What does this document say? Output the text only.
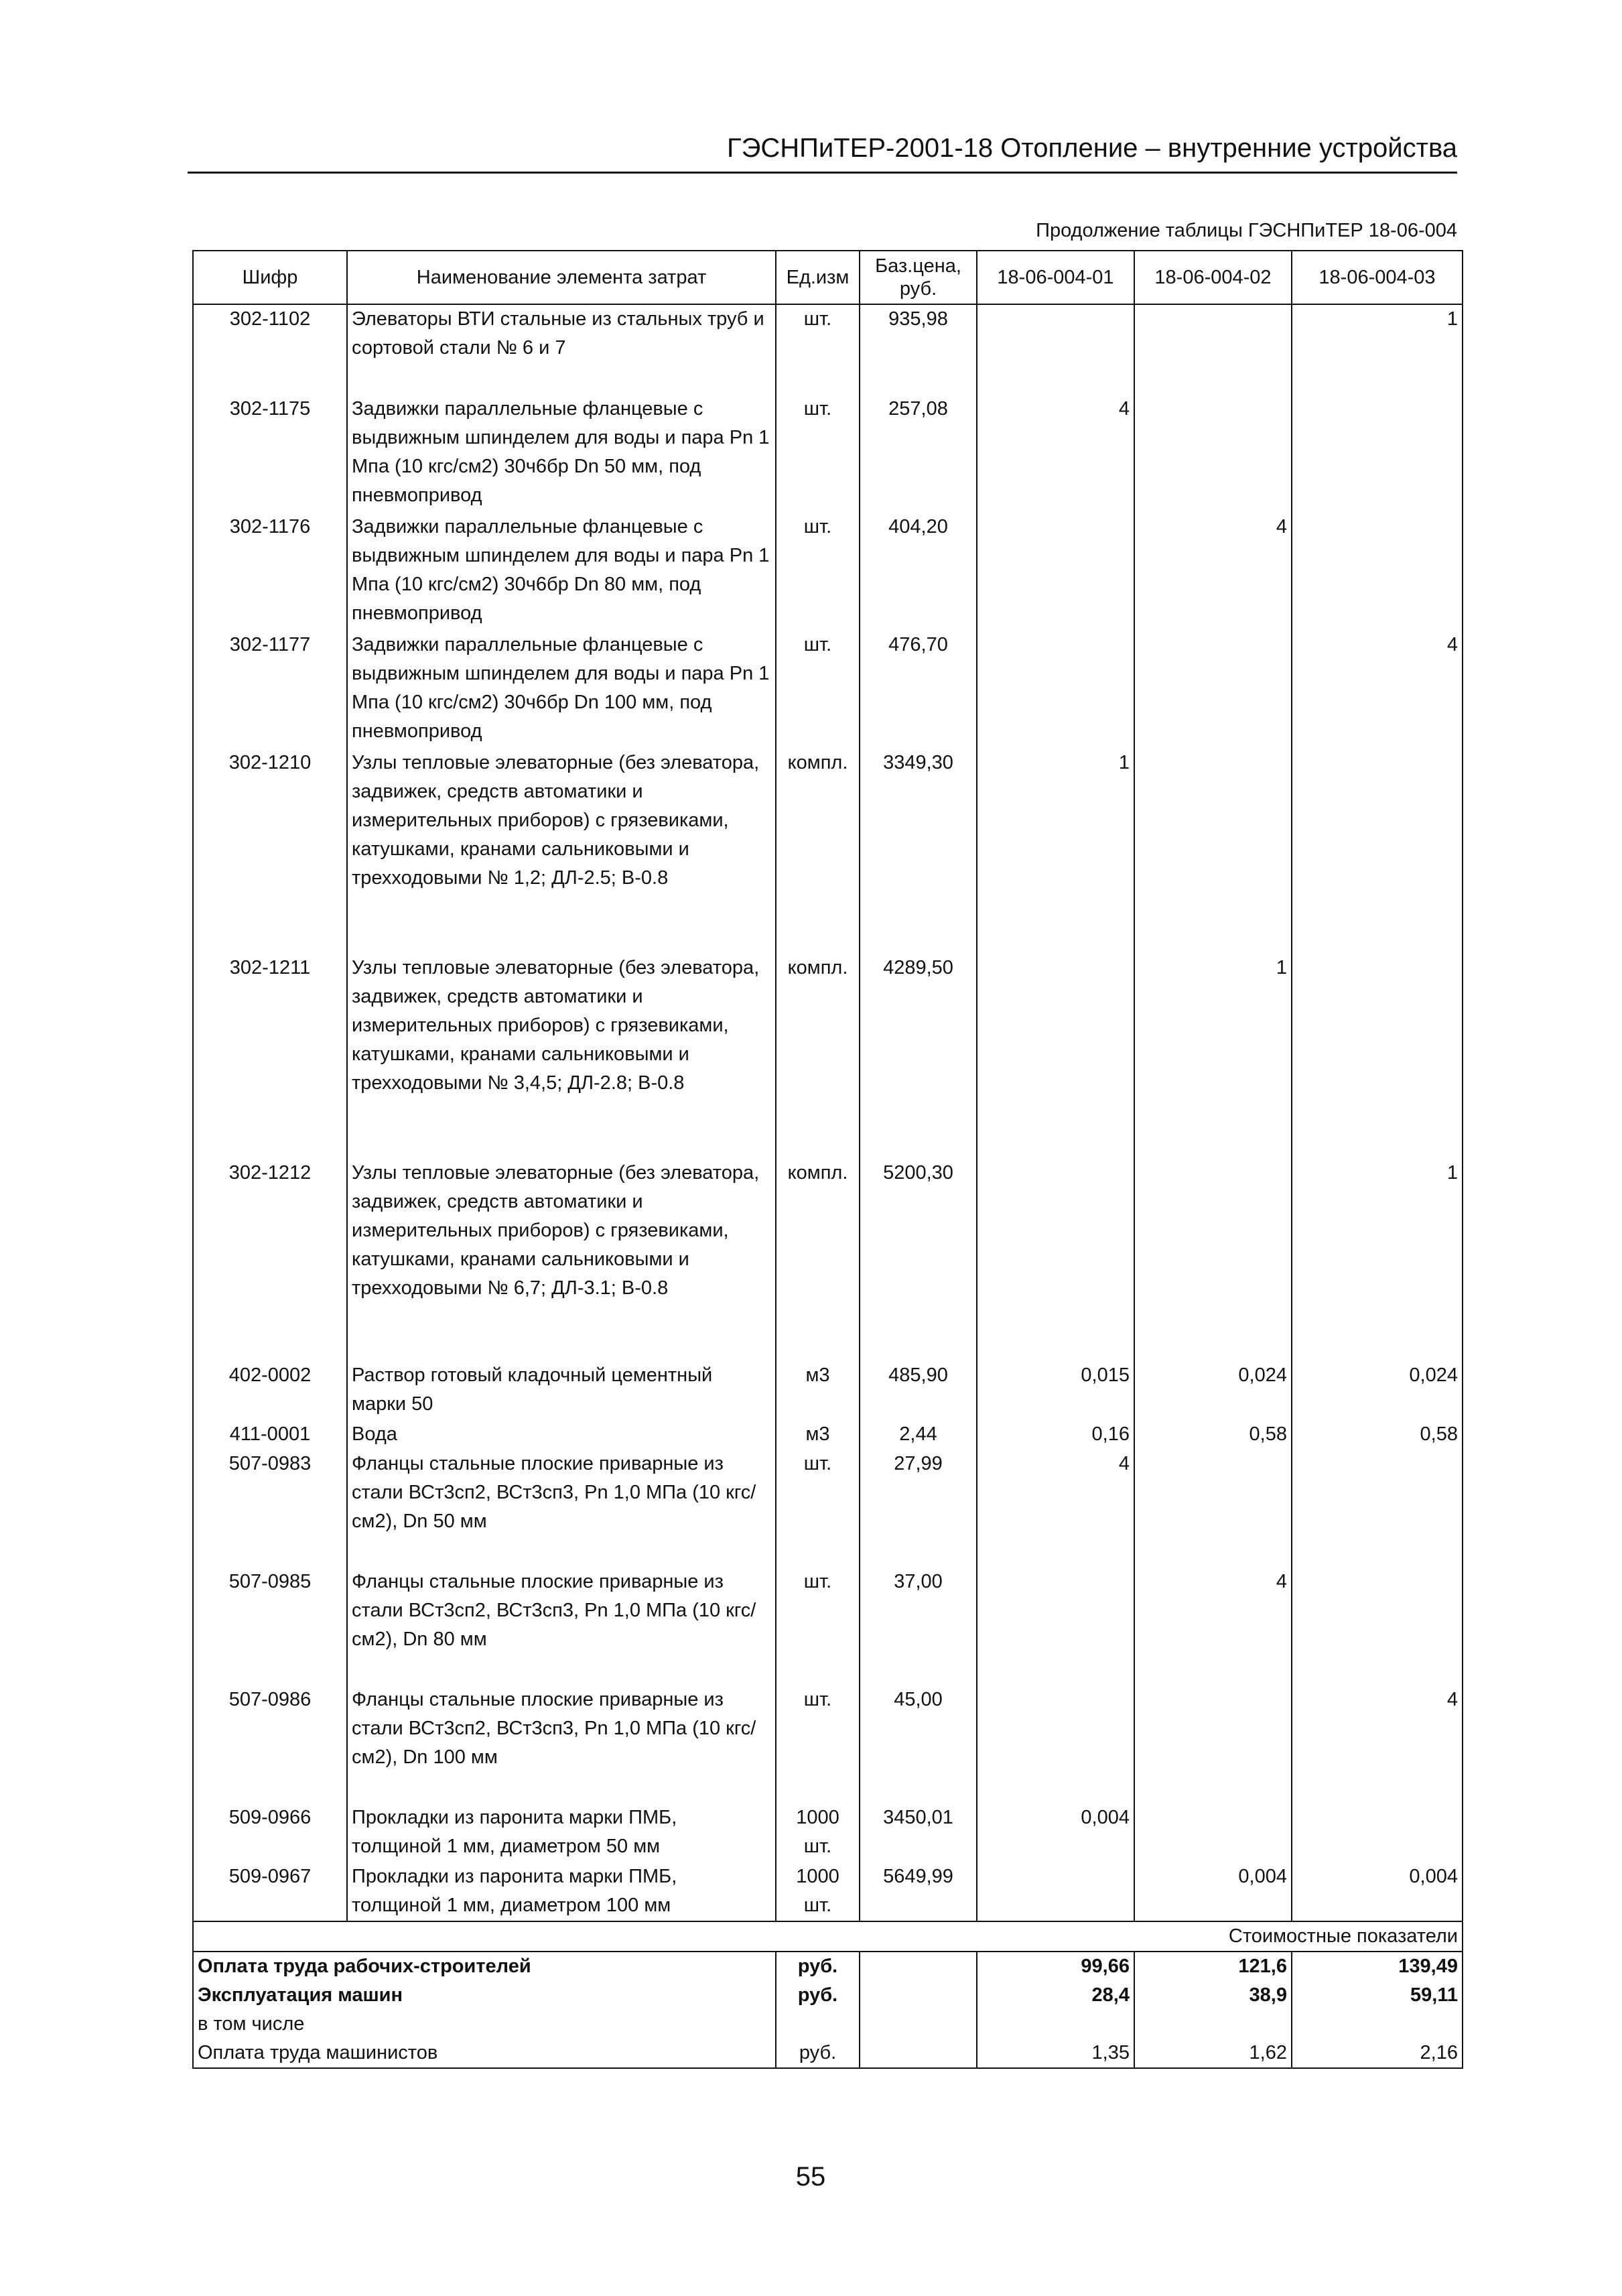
ГЭСНПиТЕР-2001-18 Отопление – внутренние устройства
Продолжение таблицы ГЭСНПиТЕР 18-06-004
Шифр	Наименование элемента затрат	Ед.изм	Баз.цена, руб.	18-06-004-01	18-06-004-02	18-06-004-03
302-1102	Элеваторы ВТИ стальные из стальных труб и сортовой стали № 6 и 7	шт.	935,98			1
302-1175	Задвижки параллельные фланцевые с выдвижным шпинделем для воды и пара Рn 1 Мпа (10 кгс/см2) 30ч6бр Dn 50 мм, под пневмопривод	шт.	257,08	4		
302-1176	Задвижки параллельные фланцевые с выдвижным шпинделем для воды и пара Рn 1 Мпа (10 кгс/см2) 30ч6бр Dn 80 мм, под пневмопривод	шт.	404,20		4	
302-1177	Задвижки параллельные фланцевые с выдвижным шпинделем для воды и пара Рn 1 Мпа (10 кгс/см2) 30ч6бр Dn 100 мм, под пневмопривод	шт.	476,70			4
302-1210	Узлы тепловые элеваторные (без элеватора, задвижек, средств автоматики и измерительных приборов) с грязевиками, катушками, кранами сальниковыми и трехходовыми № 1,2; ДЛ-2.5; В-0.8	компл.	3349,30	1		
302-1211	Узлы тепловые элеваторные (без элеватора, задвижек, средств автоматики и измерительных приборов) с грязевиками, катушками, кранами сальниковыми и трехходовыми № 3,4,5; ДЛ-2.8; В-0.8	компл.	4289,50		1	
302-1212	Узлы тепловые элеваторные (без элеватора, задвижек, средств автоматики и измерительных приборов) с грязевиками, катушками, кранами сальниковыми и трехходовыми № 6,7; ДЛ-3.1; В-0.8	компл.	5200,30			1
402-0002	Раствор готовый кладочный цементный марки 50	м3	485,90	0,015	0,024	0,024
411-0001	Вода	м3	2,44	0,16	0,58	0,58
507-0983	Фланцы стальные плоские приварные из стали ВСт3сп2, ВСт3сп3, Рn 1,0 МПа (10 кгс/см2), Dn 50 мм	шт.	27,99	4		
507-0985	Фланцы стальные плоские приварные из стали ВСт3сп2, ВСт3сп3, Рn 1,0 МПа (10 кгс/см2), Dn 80 мм	шт.	37,00		4	
507-0986	Фланцы стальные плоские приварные из стали ВСт3сп2, ВСт3сп3, Рn 1,0 МПа (10 кгс/см2), Dn 100 мм	шт.	45,00			4
509-0966	Прокладки из паронита марки ПМБ, толщиной 1 мм, диаметром 50 мм	1000 шт.	3450,01	0,004		
509-0967	Прокладки из паронита марки ПМБ, толщиной 1 мм, диаметром 100 мм	1000 шт.	5649,99		0,004	0,004
Стоимостные показатели						
Оплата труда рабочих-строителей		руб.		99,66	121,6	139,49
Эксплуатация машин		руб.		28,4	38,9	59,11
в том числе						
Оплата труда машинистов		руб.		1,35	1,62	2,16
55
